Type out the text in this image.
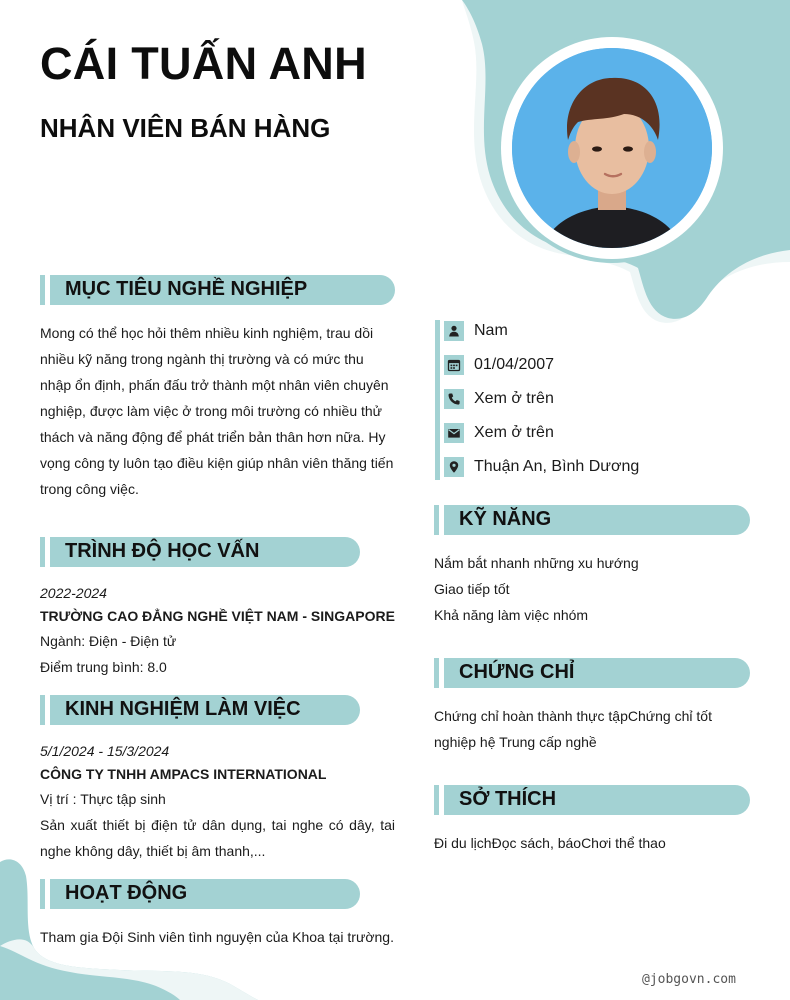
CÁI TUẤN ANH
NHÂN VIÊN BÁN HÀNG
MỤC TIÊU NGHỀ NGHIỆP
Mong có thể học hỏi thêm nhiều kinh nghiệm, trau dồi nhiều kỹ năng trong ngành thị trường và có mức thu nhập ổn định, phấn đấu trở thành một nhân viên chuyên nghiệp, được làm việc ở trong môi trường có nhiều thử thách và năng động để phát triển bản thân hơn nữa. Hy vọng công ty luôn tạo điều kiện giúp nhân viên thăng tiến trong công việc.
TRÌNH ĐỘ HỌC VẤN
2022-2024
TRƯỜNG CAO ĐẲNG NGHỀ VIỆT NAM - SINGAPORE
Ngành: Điện - Điện tử
Điểm trung bình: 8.0
KINH NGHIỆM LÀM VIỆC
5/1/2024 - 15/3/2024
CÔNG TY TNHH AMPACS INTERNATIONAL
Vị trí : Thực tập sinh
Sản xuất thiết bị điện tử dân dụng, tai nghe có dây, tai nghe không dây, thiết bị âm thanh,...
HOẠT ĐỘNG
Tham gia Đội Sinh viên tình nguyện của Khoa tại trường.
Nam
01/04/2007
Xem ở trên
Xem ở trên
Thuận An, Bình Dương
KỸ NĂNG
Nắm bắt nhanh những xu hướng
Giao tiếp tốt
Khả năng làm việc nhóm
CHỨNG CHỈ
Chứng chỉ hoàn thành thực tậpChứng chỉ tốt nghiệp hệ Trung cấp nghề
SỞ THÍCH
Đi du lịchĐọc sách, báoChơi thể thao
@jobgovn.com
